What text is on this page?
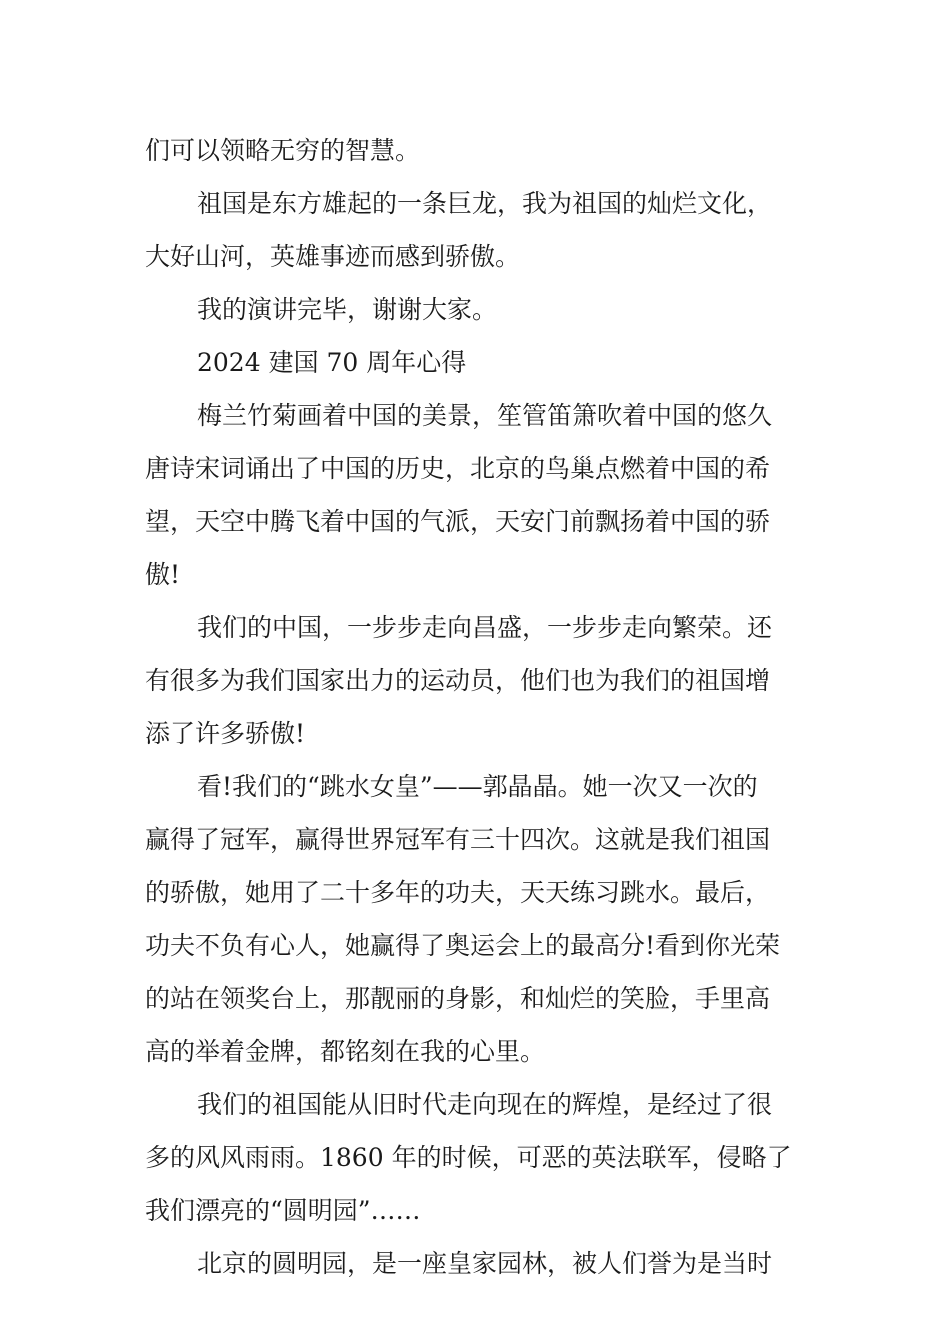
们可以领略无穷的智慧。
祖国是东方雄起的一条巨龙，我为祖国的灿烂文化，
大好山河，英雄事迹而感到骄傲。
我的演讲完毕，谢谢大家。
2024 建国 70 周年心得
梅兰竹菊画着中国的美景，笙管笛箫吹着中国的悠久
唐诗宋词诵出了中国的历史，北京的鸟巢点燃着中国的希
望，天空中腾飞着中国的气派，天安门前飘扬着中国的骄
傲!
我们的中国，一步步走向昌盛，一步步走向繁荣。还
有很多为我们国家出力的运动员，他们也为我们的祖国增
添了许多骄傲!
看!我们的“跳水女皇”——郭晶晶。她一次又一次的
赢得了冠军，赢得世界冠军有三十四次。这就是我们祖国
的骄傲，她用了二十多年的功夫，天天练习跳水。最后，
功夫不负有心人，她赢得了奥运会上的最高分!看到你光荣
的站在领奖台上，那靓丽的身影，和灿烂的笑脸，手里高
高的举着金牌，都铭刻在我的心里。
我们的祖国能从旧时代走向现在的辉煌，是经过了很
多的风风雨雨。1860 年的时候，可恶的英法联军，侵略了
我们漂亮的“圆明园”……
北京的圆明园，是一座皇家园林，被人们誉为是当时
